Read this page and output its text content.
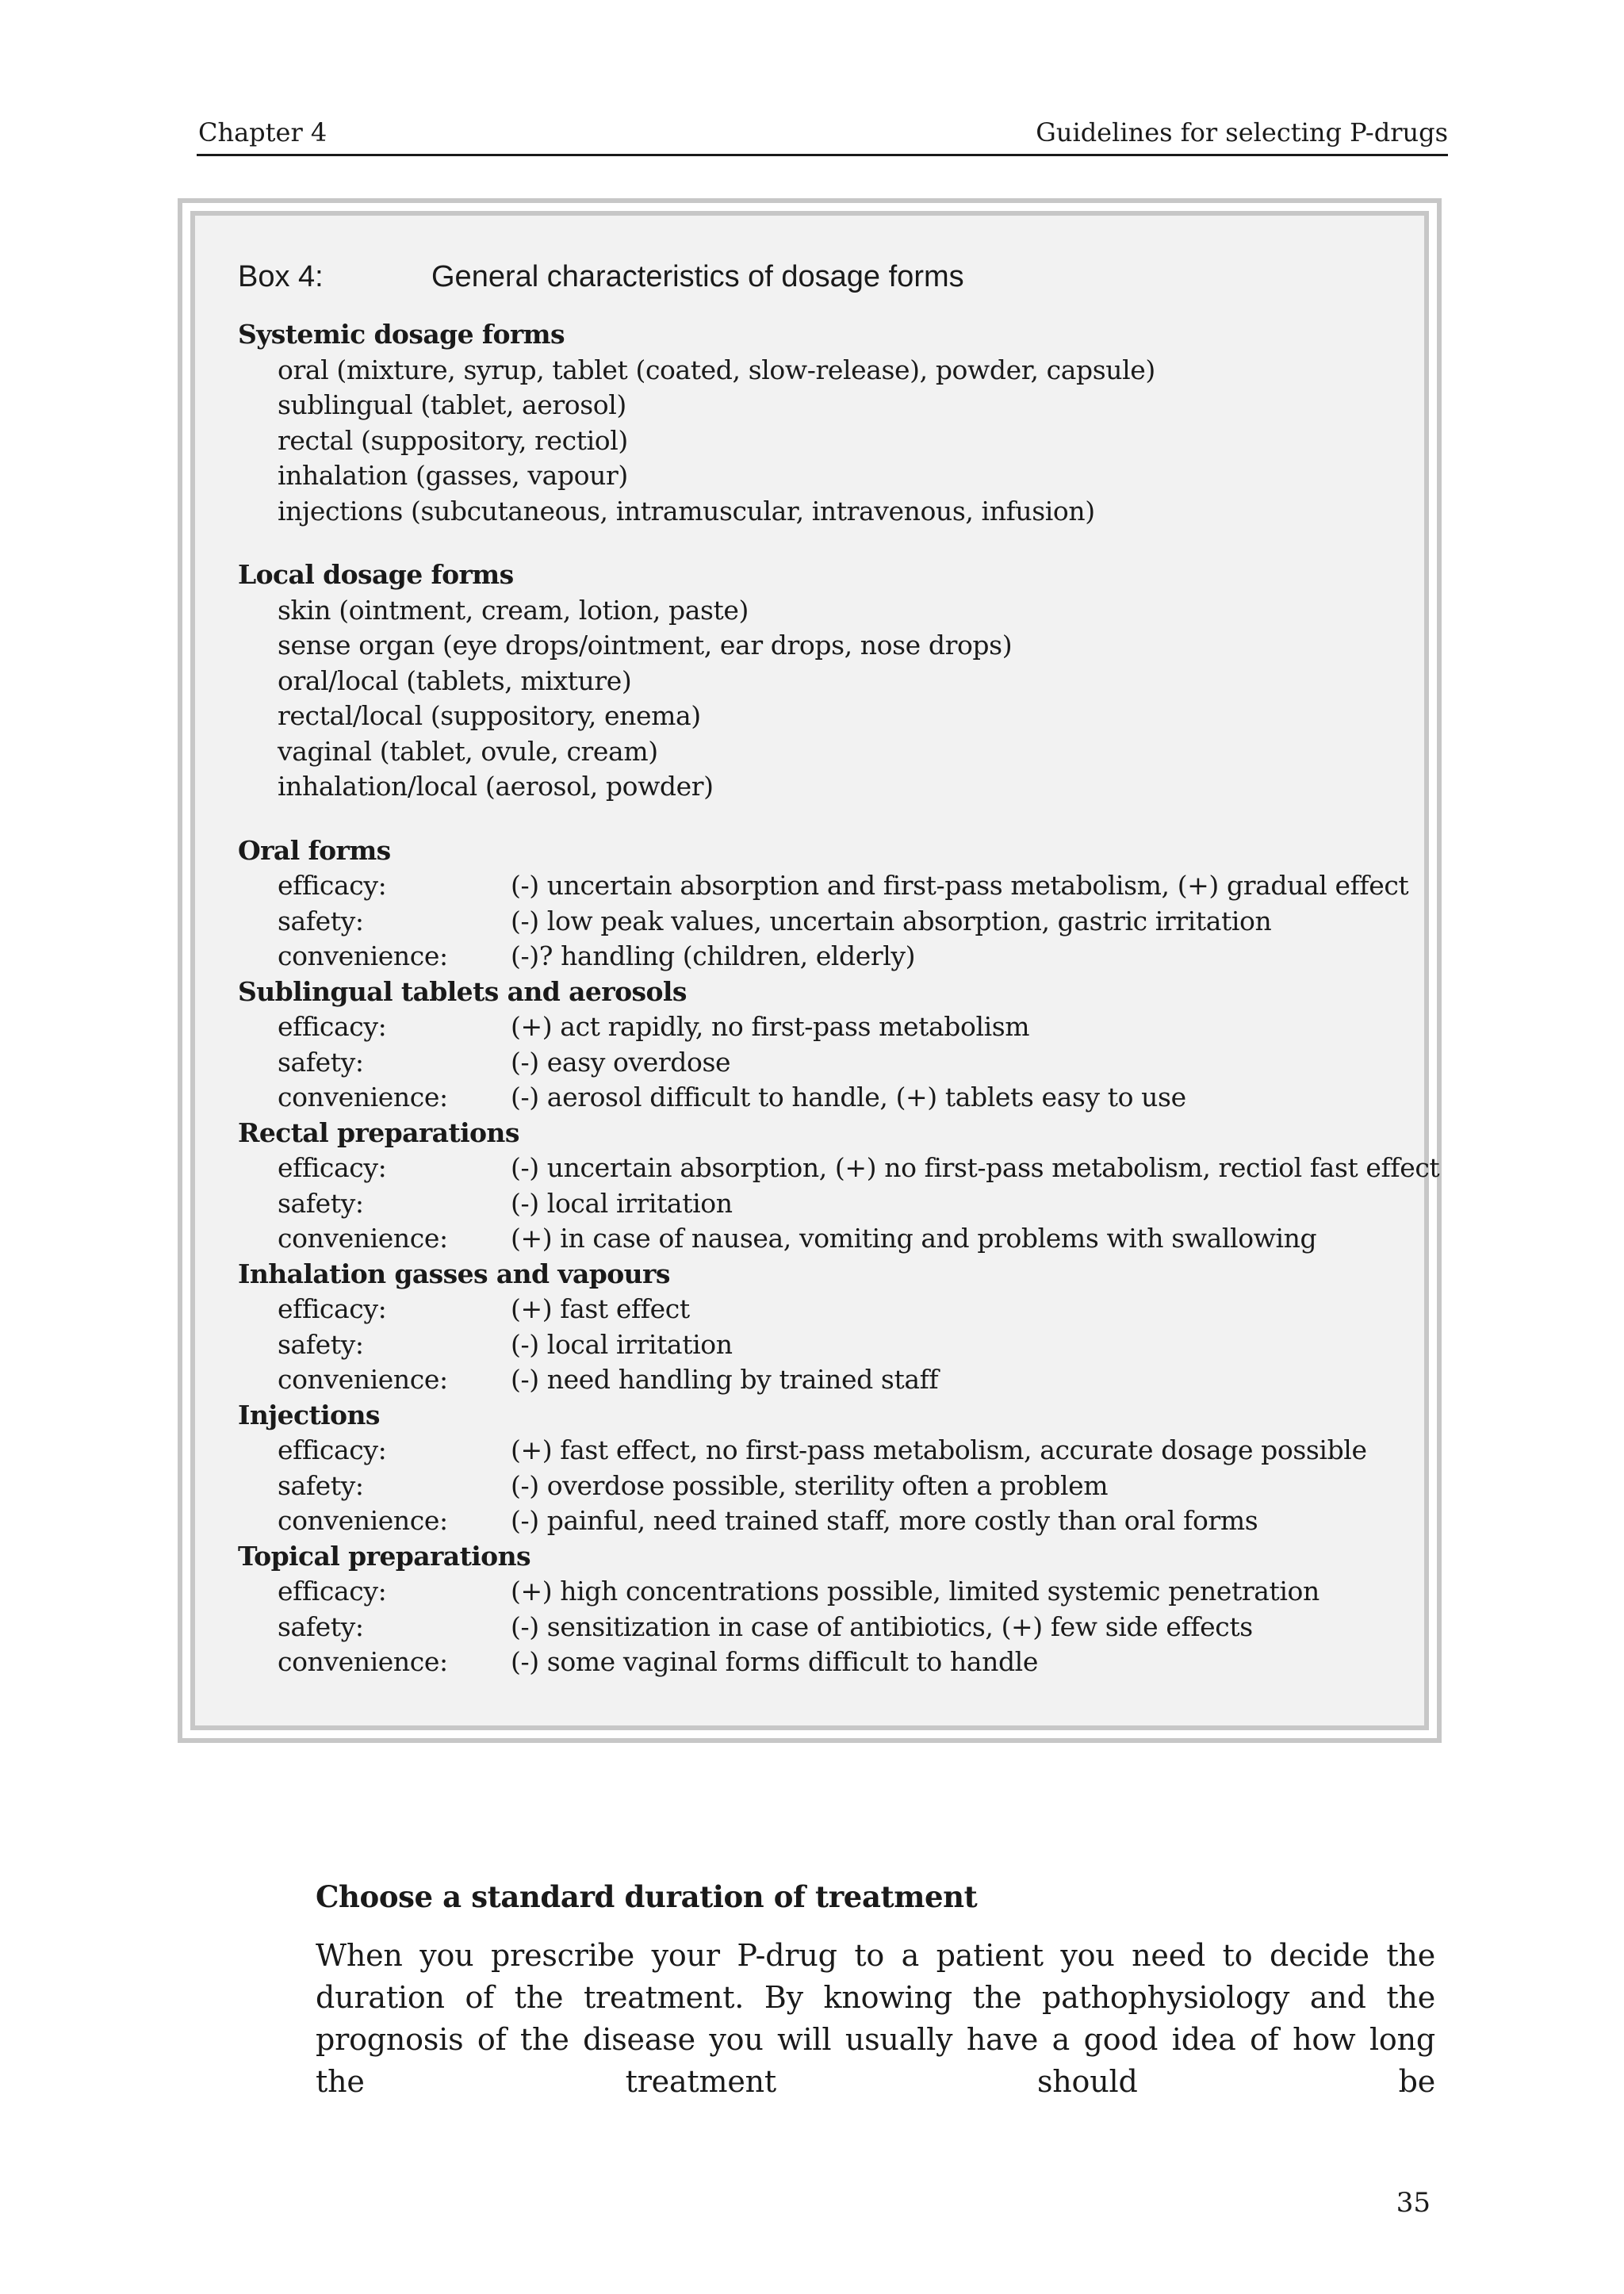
Chapter 4	Guidelines for selecting P-drugs
Box 4:	General characteristics of dosage forms
Systemic dosage forms
oral (mixture, syrup, tablet (coated, slow-release), powder, capsule)
sublingual (tablet, aerosol)
rectal (suppository, rectiol)
inhalation (gasses, vapour)
injections (subcutaneous, intramuscular, intravenous, infusion)
Local dosage forms
skin (ointment, cream, lotion, paste)
sense organ (eye drops/ointment, ear drops, nose drops)
oral/local (tablets, mixture)
rectal/local (suppository, enema)
vaginal (tablet, ovule, cream)
inhalation/local (aerosol, powder)
Oral forms
efficacy:	(-) uncertain absorption and first-pass metabolism, (+) gradual effect
safety:	(-) low peak values, uncertain absorption, gastric irritation
convenience: (-)? handling (children, elderly)
Sublingual tablets and aerosols
efficacy:	(+) act rapidly, no first-pass metabolism
safety:	(-) easy overdose
convenience: (-) aerosol difficult to handle, (+) tablets easy to use
Rectal preparations
efficacy:	(-) uncertain absorption, (+) no first-pass metabolism, rectiol fast effect
safety:	(-) local irritation
convenience: (+) in case of nausea, vomiting and problems with swallowing
Inhalation gasses and vapours
efficacy:	(+) fast effect
safety:	(-) local irritation
convenience: (-) need handling by trained staff
Injections
efficacy:	(+) fast effect, no first-pass metabolism, accurate dosage possible
safety:	(-) overdose possible, sterility often a problem
convenience: (-) painful, need trained staff, more costly than oral forms
Topical preparations
efficacy:	(+) high concentrations possible, limited systemic penetration
safety:	(-) sensitization in case of antibiotics, (+) few side effects
convenience: (-) some vaginal forms difficult to handle
Choose a standard duration of treatment
When you prescribe your P-drug to a patient you need to decide the duration of the treatment. By knowing the pathophysiology and the prognosis of the disease you will usually have a good idea of how long the treatment should be
35
